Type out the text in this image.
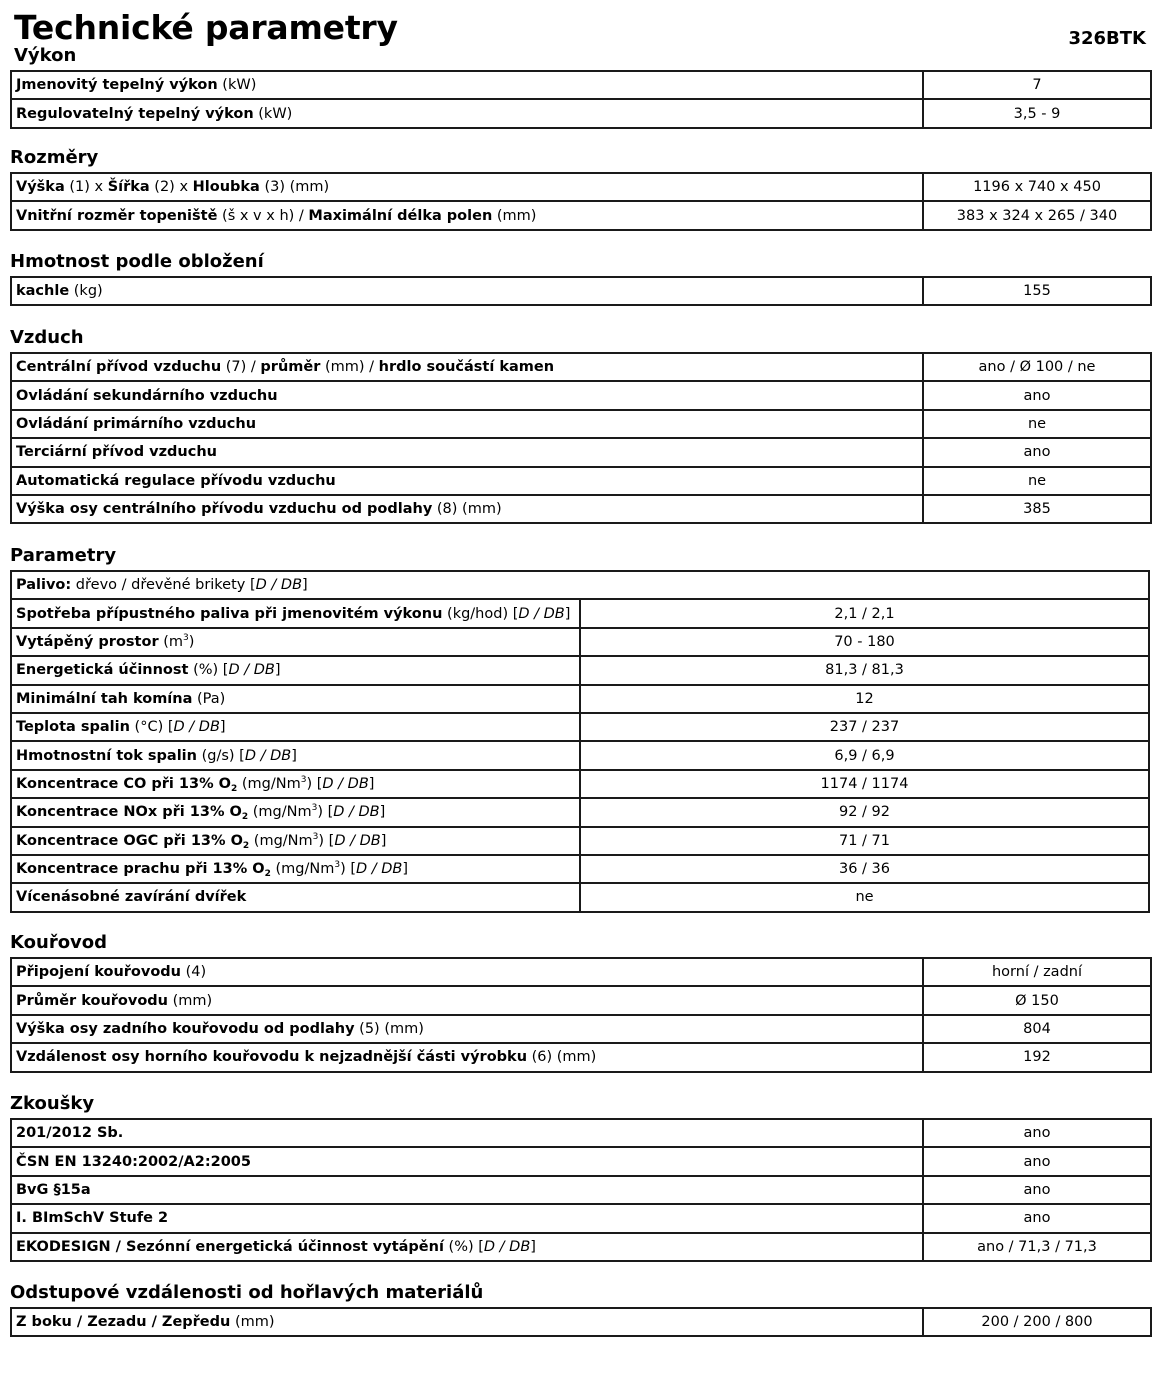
Technické parametry	326BTK
Výkon
Jmenovitý tepelný výkon (kW)	7
Regulovatelný tepelný výkon (kW)	3,5 - 9
Rozměry
Výška (1) x Šířka (2) x Hloubka (3) (mm)	1196 x 740 x 450
Vnitřní rozměr topeniště (š x v x h) / Maximální délka polen (mm)	383 x 324 x 265 / 340
Hmotnost podle obložení
kachle (kg)	155
Vzduch
Centrální přívod vzduchu (7) / průměr (mm) / hrdlo součástí kamen	ano / Ø 100 / ne
Ovládání sekundárního vzduchu	ano
Ovládání primárního vzduchu	ne
Terciární přívod vzduchu	ano
Automatická regulace přívodu vzduchu	ne
Výška osy centrálního přívodu vzduchu od podlahy (8) (mm)	385
Parametry
Palivo: dřevo / dřevěné brikety [D / DB]	
Spotřeba přípustného paliva při jmenovitém výkonu (kg/hod) [D / DB]	2,1 / 2,1
Vytápěný prostor $(m^3)$	70 - 180
Energetická účinnost (%) [D / DB]	81,3 / 81,3
Minimální tah komína (Pa)	12
Teplota spalin (°C) [D / DB]	237 / 237
Hmotnostní tok spalin (g/s) [D / DB]	6,9 / 6,9
Koncentrace CO při 13% $O_2$ (mg/Nm$^3$) [D / DB]	1174 / 1174
Koncentrace NOx při 13% $O_2$ (mg/Nm$^3$) [D / DB]	92 / 92
Koncentrace OGC při 13% $O_2$ (mg/Nm$^3$) [D / DB]	71 / 71
Koncentrace prachu při 13% $O_2$ (mg/Nm$^3$) [D / DB]	36 / 36
Vícenásobné zavírání dvířek	ne
Kouřovod
Připojení kouřovodu (4)	horní / zadní
Průměr kouřovodu (mm)	Ø 150
Výška osy zadního kouřovodu od podlahy (5) (mm)	804
Vzdálenost osy horního kouřovodu k nejzadnější části výrobku (6) (mm)	192
Zkoušky
201/2012 Sb.	ano
ČSN EN 13240:2002/A2:2005	ano
BvG §15a	ano
I. BImSchV Stufe 2	ano
EKODESIGN / Sezónní energetická účinnost vytápění (%) [D / DB]	ano / 71,3 / 71,3
Odstupové vzdálenosti od hořlavých materiálů
Z boku / Zezadu / Zepředu (mm)	200 / 200 / 800
